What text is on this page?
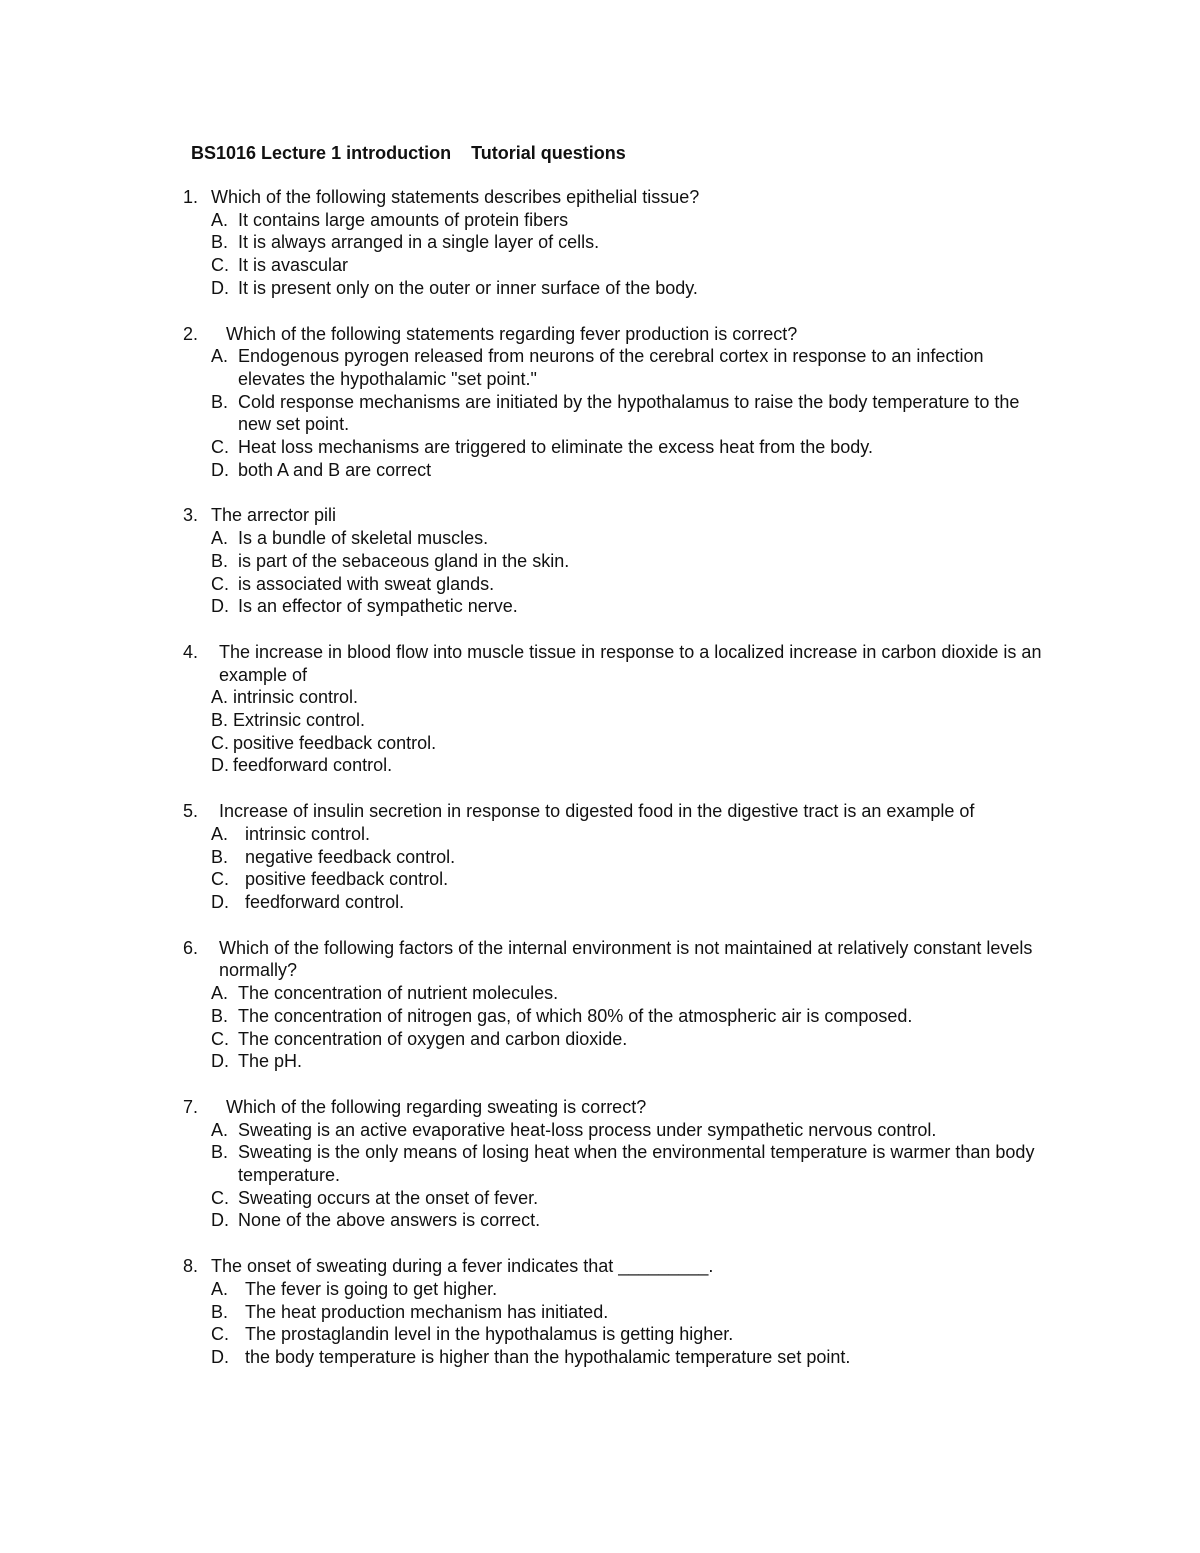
BS1016 Lecture 1 introduction Tutorial questions
1. Which of the following statements describes epithelial tissue?
A. It contains large amounts of protein fibers
B. It is always arranged in a single layer of cells.
C. It is avascular
D. It is present only on the outer or inner surface of the body.
2.	Which of the following statements regarding fever production is correct?
A. Endogenous pyrogen released from neurons of the cerebral cortex in response to an infection elevates the hypothalamic "set point."
B. Cold response mechanisms are initiated by the hypothalamus to raise the body temperature to the new set point.
C. Heat loss mechanisms are triggered to eliminate the excess heat from the body.
D. both A and B are correct
3. The arrector pili
A. Is a bundle of skeletal muscles.
B. is part of the sebaceous gland in the skin.
C. is associated with sweat glands.
D. Is an effector of sympathetic nerve.
4.	The increase in blood flow into muscle tissue in response to a localized increase in carbon dioxide is an example of
A. intrinsic control.
B. Extrinsic control.
C. positive feedback control.
D. feedforward control.
5.	Increase of insulin secretion in response to digested food in the digestive tract is an example of
A. intrinsic control.
B. negative feedback control.
C. positive feedback control.
D. feedforward control.
6.	Which of the following factors of the internal environment is not maintained at relatively constant levels normally?
A. The concentration of nutrient molecules.
B. The concentration of nitrogen gas, of which 80% of the atmospheric air is composed.
C. The concentration of oxygen and carbon dioxide.
D. The pH.
7.	Which of the following regarding sweating is correct?
A. Sweating is an active evaporative heat-loss process under sympathetic nervous control.
B. Sweating is the only means of losing heat when the environmental temperature is warmer than body temperature.
C. Sweating occurs at the onset of fever.
D. None of the above answers is correct.
8. The onset of sweating during a fever indicates that _________.
A. The fever is going to get higher.
B. The heat production mechanism has initiated.
C. The prostaglandin level in the hypothalamus is getting higher.
D. the body temperature is higher than the hypothalamic temperature set point.
